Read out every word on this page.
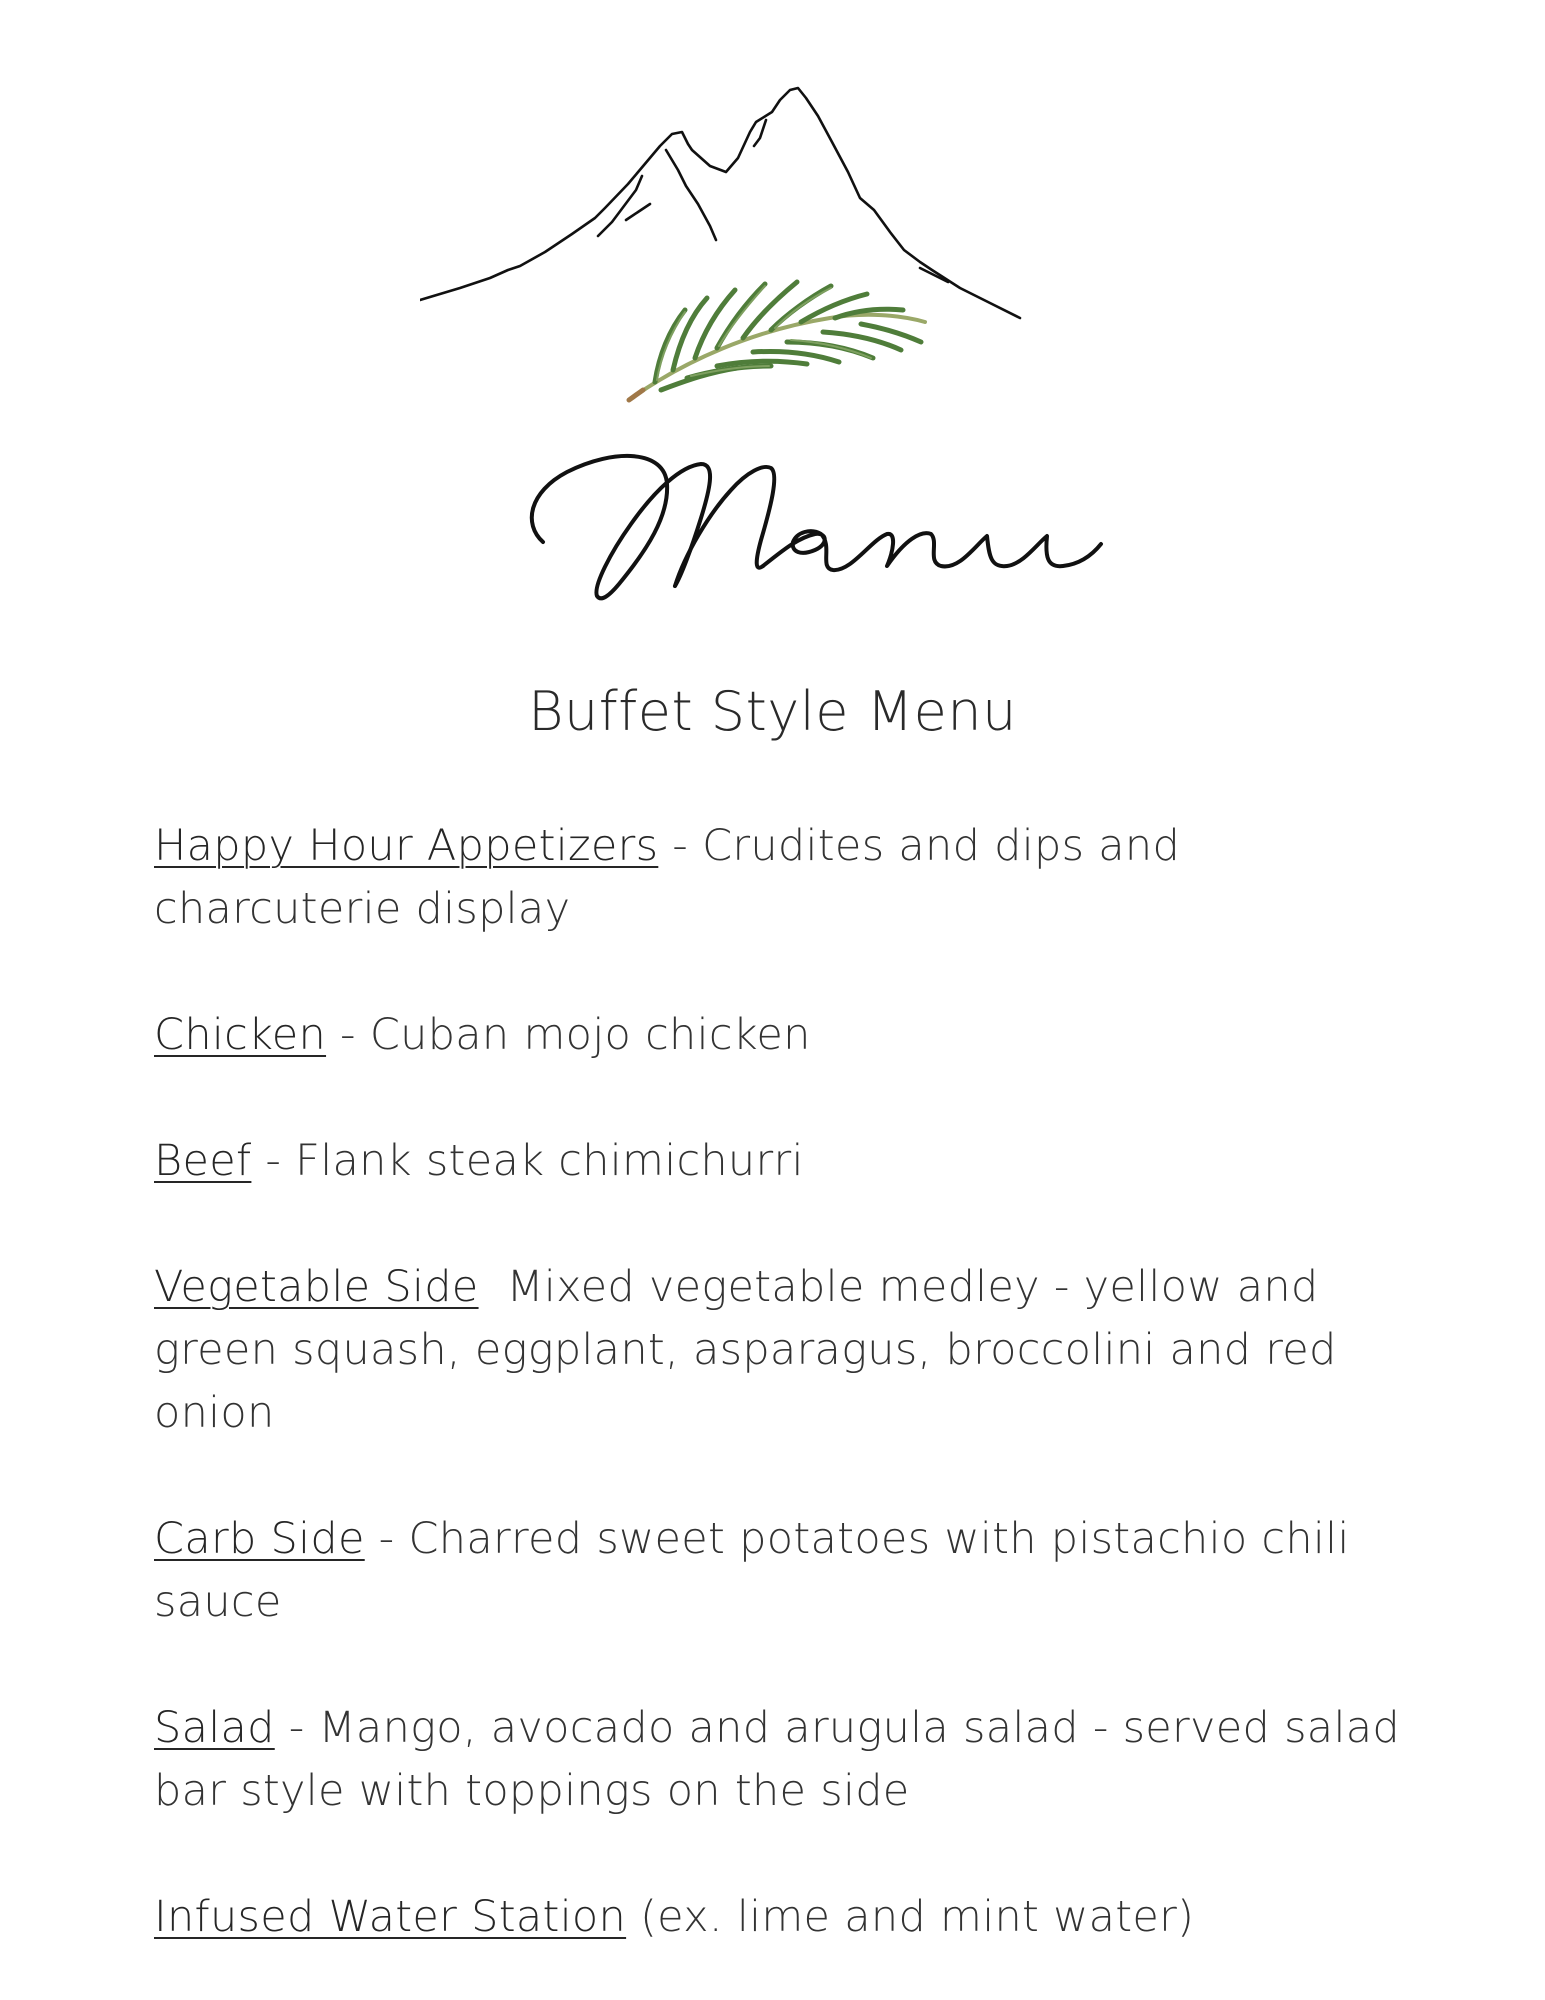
Buffet Style Menu
Happy Hour Appetizers - Crudites and dips and charcuterie display
Chicken - Cuban mojo chicken
Beef - Flank steak chimichurri
Vegetable Side Mixed vegetable medley - yellow and green squash, eggplant, asparagus, broccolini and red onion
Carb Side - Charred sweet potatoes with pistachio chili sauce
Salad - Mango, avocado and arugula salad - served salad bar style with toppings on the side
Infused Water Station (ex. lime and mint water)
